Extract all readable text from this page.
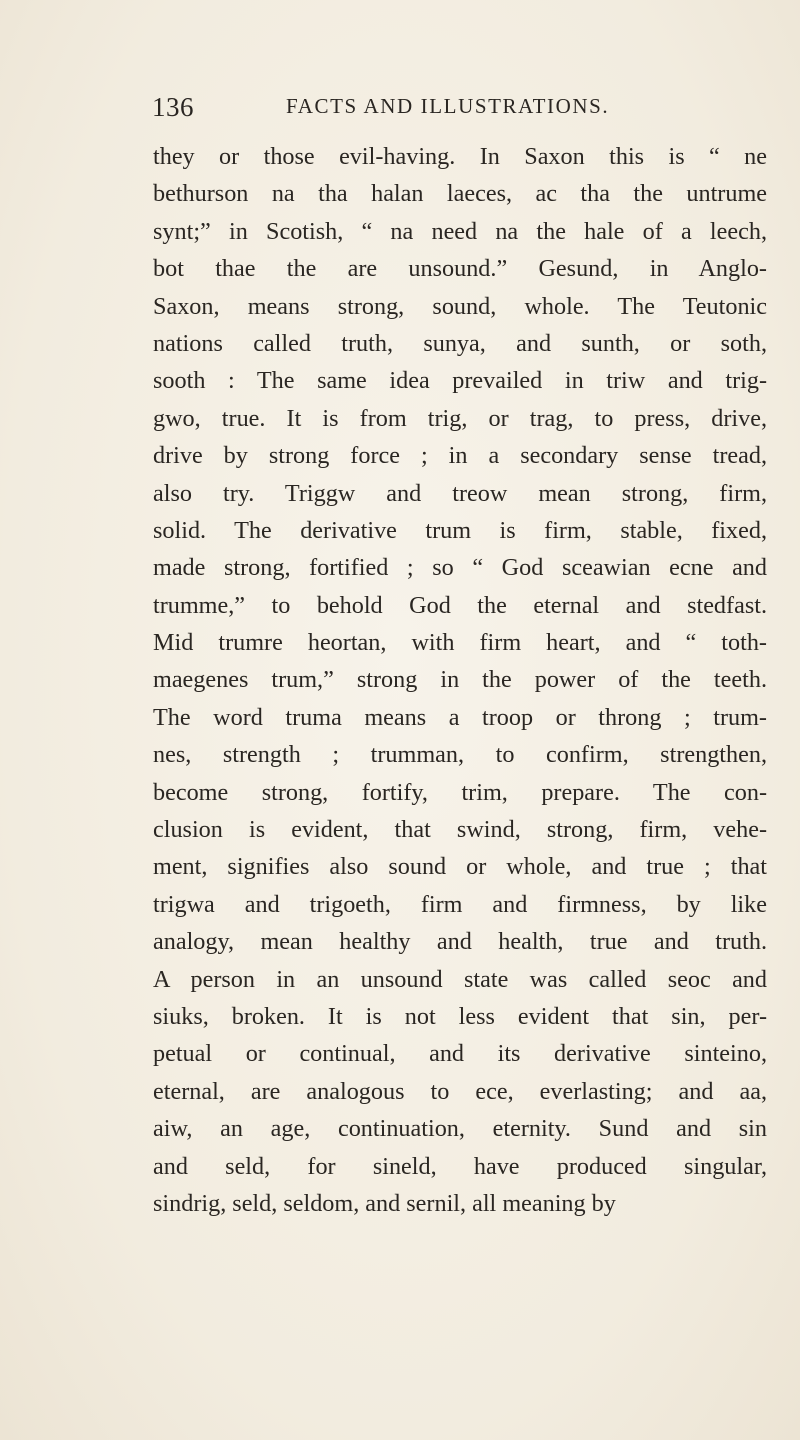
136	FACTS AND ILLUSTRATIONS.
they or those evil-having. In Saxon this is “ ne
bethurson na tha halan laeces, ac tha the untrume
synt;” in Scotish, “ na need na the hale of a leech,
bot thae the are unsound.” Gesund, in Anglo-
Saxon, means strong, sound, whole. The Teutonic
nations called truth, sunya, and sunth, or soth,
sooth : The same idea prevailed in triw and trig-
gwo, true. It is from trig, or trag, to press, drive,
drive by strong force ; in a secondary sense tread,
also try. Triggw and treow mean strong, firm,
solid. The derivative trum is firm, stable, fixed,
made strong, fortified ; so “ God sceawian ecne and
trumme,” to behold God the eternal and stedfast.
Mid trumre heortan, with firm heart, and “ toth-
maegenes trum,” strong in the power of the teeth.
The word truma means a troop or throng ; trum-
nes, strength ; trumman, to confirm, strengthen,
become strong, fortify, trim, prepare. The con-
clusion is evident, that swind, strong, firm, vehe-
ment, signifies also sound or whole, and true ; that
trigwa and trigoeth, firm and firmness, by like
analogy, mean healthy and health, true and truth.
A person in an unsound state was called seoc and
siuks, broken. It is not less evident that sin, per-
petual or continual, and its derivative sinteino,
eternal, are analogous to ece, everlasting; and aa,
aiw, an age, continuation, eternity. Sund and sin
and seld, for sineld, have produced singular,
sindrig, seld, seldom, and sernil, all meaning by
